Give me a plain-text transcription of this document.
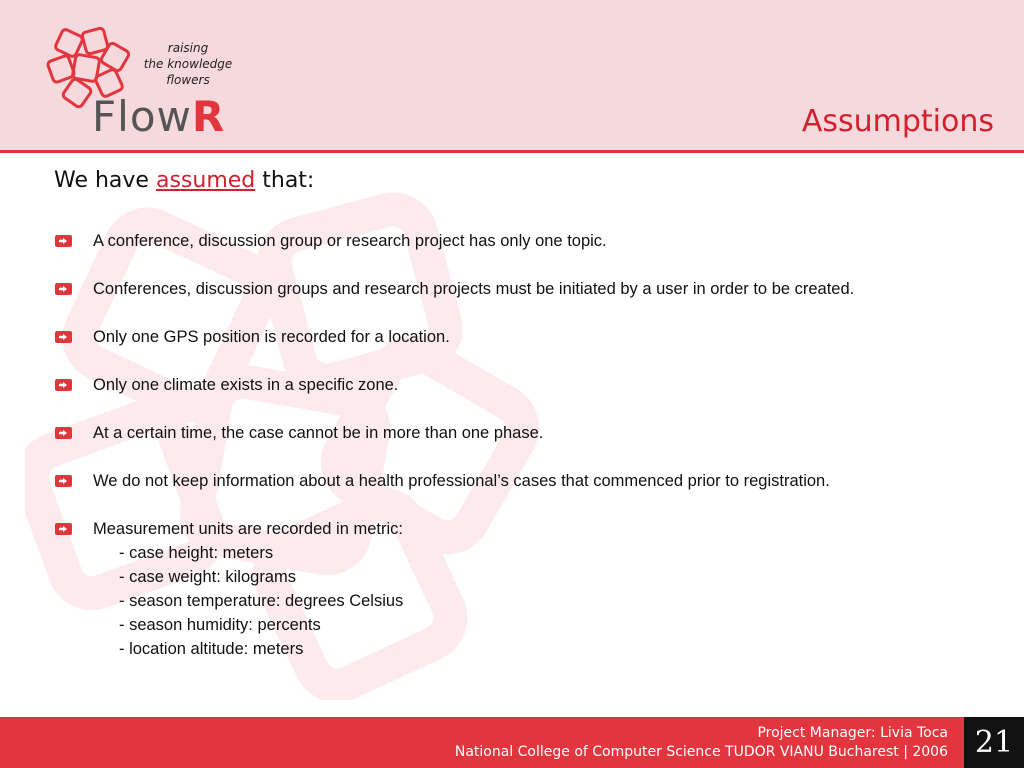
raising
the knowledge
flowers
FlowR	Assumptions
We have assumed that:
A conference, discussion group or research project has only one topic.
Conferences, discussion groups and research projects must be initiated by a user in order to be created.
Only one GPS position is recorded for a location.
Only one climate exists in a specific zone.
At a certain time, the case cannot be in more than one phase.
We do not keep information about a health professional’s cases that commenced prior to registration.
Measurement units are recorded in metric:
- case height: meters
- case weight: kilograms
- season temperature: degrees Celsius
- season humidity: percents
- location altitude: meters
Project Manager: Livia Toca
National College of Computer Science TUDOR VIANU Bucharest | 2006 21
